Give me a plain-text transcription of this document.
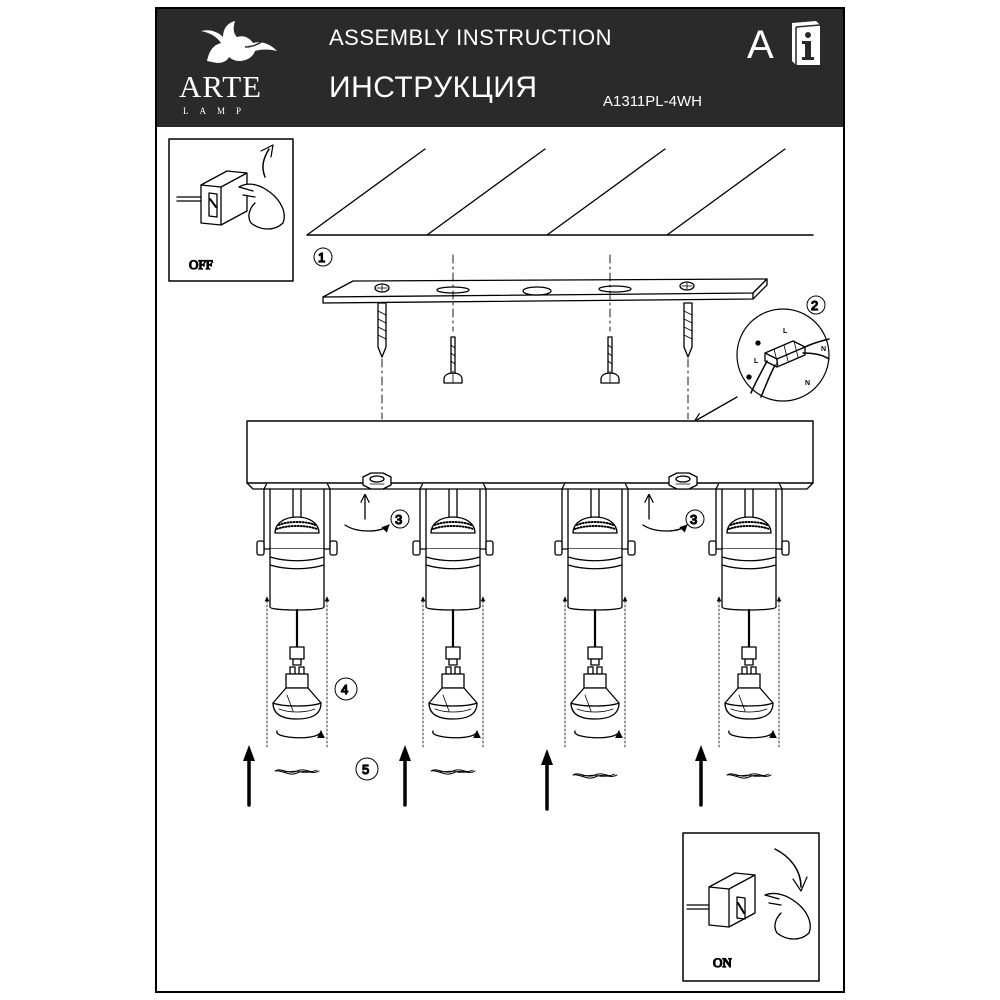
ARTE
LAMP
ASSEMBLY INSTRUCTION
ИНСТРУКЦИЯ	A1311PL-4WH
A
OFF	1
2
L
N
L
N
3	3
4
5
ON
